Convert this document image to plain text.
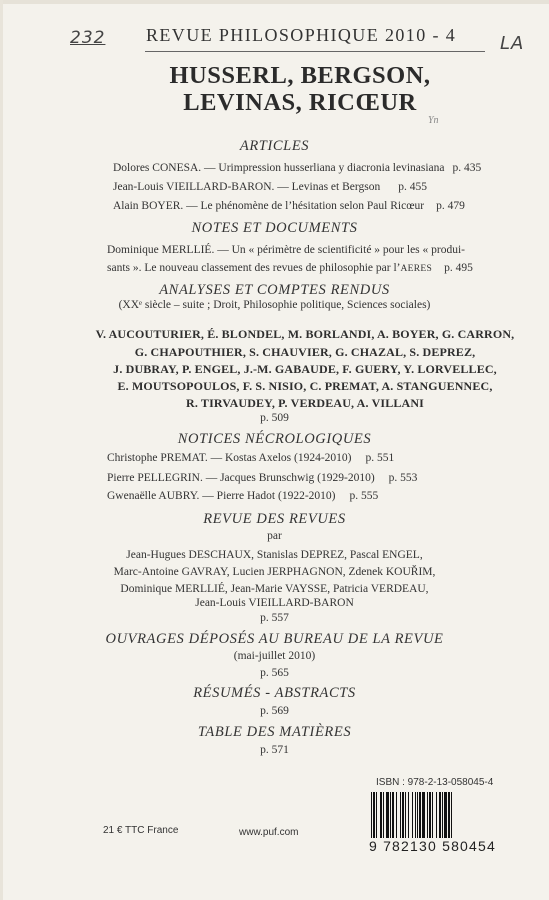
232	LA
REVUE PHILOSOPHIQUE 2010 - 4
HUSSERL, BERGSON,
LEVINAS, RICŒUR
Yn
ARTICLES
Dolores CONESA. — Urimpression husserliana y diacronia levinasiana p. 435
Jean-Louis VIEILLARD-BARON. — Levinas et Bergson p. 455
Alain BOYER. — Le phénomène de l’hésitation selon Paul Ricœur p. 479
NOTES ET DOCUMENTS
Dominique MERLLIÉ. — Un « périmètre de scientificité » pour les « produi-
sants ». Le nouveau classement des revues de philosophie par l’AERES p. 495
ANALYSES ET COMPTES RENDUS
(XXᵉ siècle – suite ; Droit, Philosophie politique, Sciences sociales)
V. AUCOUTURIER, É. BLONDEL, M. BORLANDI, A. BOYER, G. CARRON,
G. CHAPOUTHIER, S. CHAUVIER, G. CHAZAL, S. DEPREZ,
J. DUBRAY, P. ENGEL, J.-M. GABAUDE, F. GUERY, Y. LORVELLEC,
E. MOUTSOPOULOS, F. S. NISIO, C. PREMAT, A. STANGUENNEC,
R. TIRVAUDEY, P. VERDEAU, A. VILLANI
p. 509
NOTICES NÉCROLOGIQUES
Christophe PREMAT. — Kostas Axelos (1924-2010) p. 551
Pierre PELLEGRIN. — Jacques Brunschwig (1929-2010) p. 553
Gwenaëlle AUBRY. — Pierre Hadot (1922-2010) p. 555
REVUE DES REVUES
par
Jean-Hugues DESCHAUX, Stanislas DEPREZ, Pascal ENGEL,
Marc-Antoine GAVRAY, Lucien JERPHAGNON, Zdenek KOUŘIM,
Dominique MERLLIÉ, Jean-Marie VAYSSE, Patricia VERDEAU,
Jean-Louis VIEILLARD-BARON
p. 557
OUVRAGES DÉPOSÉS AU BUREAU DE LA REVUE
(mai-juillet 2010)
p. 565
RÉSUMÉS - ABSTRACTS
p. 569
TABLE DES MATIÈRES
p. 571
ISBN : 978-2-13-058045-4
9 782130 580454
21 € TTC France	www.puf.com
